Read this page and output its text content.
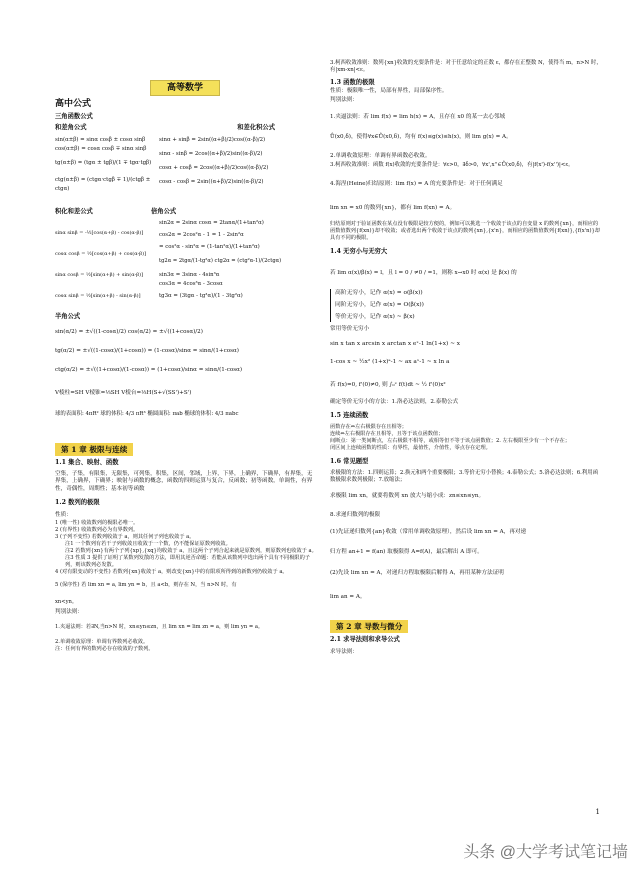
高等数学

高中公式

三角函数公式

和差角公式	和差化积公式

sin(α±β) = sinα cosβ ± cosα sinβ

cos(α±β) = cosα cosβ ∓ sinα sinβ

tg(α±β) = (tgα ± tgβ)/(1 ∓ tgα·tgβ)

ctg(α±β) = (ctgα·ctgβ ∓ 1)/(ctgβ ± ctgα)

sinα + sinβ = 2sin((α+β)/2)cos((α-β)/2)

sinα - sinβ = 2cos((α+β)/2)sin((α-β)/2)

cosα + cosβ = 2cos((α+β)/2)cos((α-β)/2)

cosα - cosβ = 2sin((α+β)/2)sin((α-β)/2)

积化和差公式	倍角公式

sinα sinβ = -½[cos(α+β) - cos(α-β)]

cosα cosβ = ½[cos(α+β) + cos(α-β)]

sinα cosβ = ½[sin(α+β) + sin(α-β)]

cosα sinβ = ½[sin(α+β) - sin(α-β)]

sin2α = 2sinα cosα = 2tanα/(1+tan²α)

cos2α = 2cos²α - 1 = 1 - 2sin²α

= cos²α - sin²α = (1-tan²α)/(1+tan²α)

tg2α = 2tgα/(1-tg²α) ctg2α = (ctg²α-1)/(2ctgα)

sin3α = 3sinα - 4sin³α

cos3α = 4cos³α - 3cosα

tg3α = (3tgα - tg³α)/(1 - 3tg²α)

半角公式

sin(α/2) = ±√((1-cosα)/2) cos(α/2) = ±√((1+cosα)/2)

tg(α/2) = ±√((1-cosα)/(1+cosα)) = (1-cosα)/sinα = sinα/(1+cosα)

ctg(α/2) = ±√((1+cosα)/(1-cosα)) = (1+cosα)/sinα = sinα/(1-cosα)

V棱柱=SH V棱锥=⅓SH V棱台=⅓H(S+√(SS')+S')

球的表面积: 4πR² 球的体积: 4/3 πR³ 椭圆面积: πab 椭球的体积: 4/3 πabc

第 1 章 极限与连续

1.1 集合、映射、函数

空集，子集，有限集，无限集，可列集，积集，区间，邻域，上界，下界，上确界，下确界，有界集，无界集，上确界，下确界；映射与函数的概念，函数的四则运算与复合，反函数；初等函数，单调性，有界性，奇偶性，周期性；基本初等函数

1.2 数列的极限

性质：

1 (唯一性) 收敛数列的极限必唯一。

2 (有界性) 收敛数列必为有界数列。

3 (子列不变性) 若数列收敛于 a，则其任何子列也收敛于 a。

注1 一个数列有若干子列收敛且收敛于一个数，仍不能保证原数列收敛。

注2 若数列{xn}有两个子列{xp},{xq}均收敛于 a，且这两个子列合起来就是原数列，则原数列也收敛于 a。

注3 性质 3 提供了证明了某数列发散的方法，即用其逆否命题：若能从该数列中选出两个具有不同极限的子列，则该数列必发散。

4 (对有限变动的不变性) 若数列{xn}收敛于 a，则改变{xn}中的有限项所得到的新数列仍收敛于 a。

5 (保序性) 若 lim xn = a, lim yn = b，且 a<b，则存在 N，当 n>N 时，有

xn<yn。

判别法则：

1.夹逼法则：若∃N,当n>N 时，xn≤yn≤zn，且 lim xn = lim zn = a，则 lim yn = a。

2.单调收敛原理：单调有界数列必收敛。

注：任何有界的数列必存在收敛的子数列。

3.柯西收敛准则：数列{xn}收敛的充要条件是：对于任意给定的正数 ε，都存在正整数 N，使得当 m，n>N 时，有|xm-xn|<ε。

1.3 函数的极限

性质：极限唯一性，局部有界性，局部保序性。

判别法则：

1.夹逼法则：若 lim f(x) = lim h(x) = A，且存在 x0 的某一去心邻域

Ů(x0,δ)，使得∀x∈Ů(x0,δ)，均有 f(x)≤g(x)≤h(x)，则 lim g(x) = A。

2.单调收敛原理：单调有界函数必收敛。

3.柯西收敛准则：函数 f(x)收敛的充要条件是：∀ε>0，∃δ>0，∀x',x''∈Ů(x0,δ)，有|f(x')-f(x'')|<ε。

4.海涅(Heine)归结原则：lim f(x) = A 的充要条件是：对于任何满足

lim xn = x0 的数列{xn}，都有 lim f(xn) = A。

归结原则对于验证函数在某点没有极限是较方便的，例如可以挑选一个收敛于该点的自变量 x 的数列{xn}，而相应的函数值数列{f(xn)}却不收敛；或者选出两个收敛于该点的数列{xn},{x'n}，而相应的函数值数列{f(xn)},{f(x'n)}却具有不同的极限。

1.4 无穷小与无穷大

若 lim α(x)/β(x) = l，且 l = 0 / ≠0 / =1，则称 x→x0 时 α(x) 是 β(x) 的

高阶无穷小，记作 α(x) = o(β(x))

同阶无穷小，记作 α(x) = O(β(x))

等价无穷小，记作 α(x) ~ β(x)

常用等价无穷小

sin x tan x arcsin x arctan x eˣ-1 ln(1+x) ~ x

1-cos x ~ ½x² (1+x)ᵃ-1 ~ ax aˣ-1 ~ x ln a

若 f(x)=0, f'(0)≠0, 则 ∫₀ˣ f(t)dt ~ ½ f'(0)x²

确定等价无穷小的方法：1.洛必达法则，2.泰勒公式

1.5 连续函数

函数存在⇔左右极限存在且相等；

连续⇔左右极限存在且相等，且等于该点函数值；

间断点：第一类间断点，左右极限不相等，或相等但不等于该点函数值；2. 左右极限至少有一个不存在；

闭区间上连续函数的性质：有界性，最值性，介值性，零点存在定理。

1.6 常见题型

求极限的方法：1.四则运算；2.换元和两个重要极限；3.等价无穷小替换；4.泰勒公式；5.洛必达法则；6.利用函数极限求数列极限；7.放缩法；

求极限 lim xn，就要将数列 xn 放大与缩小成：zn≤xn≤yn。

8.求递归数列的极限

(1)先证递归数列{an}收敛（常用单调收敛原理），然后设 lim xn = A，再对递

归方程 an+1 = f(an) 取极限得 A=f(A)，最后解出 A 即可。

(2)先设 lim xn = A，对递归方程取极限后解得 A，再用某种方法证明

lim an = A。

第 2 章 导数与微分

2.1 求导法则和求导公式

求导法则：

1
头条 @大学考试笔记墙
